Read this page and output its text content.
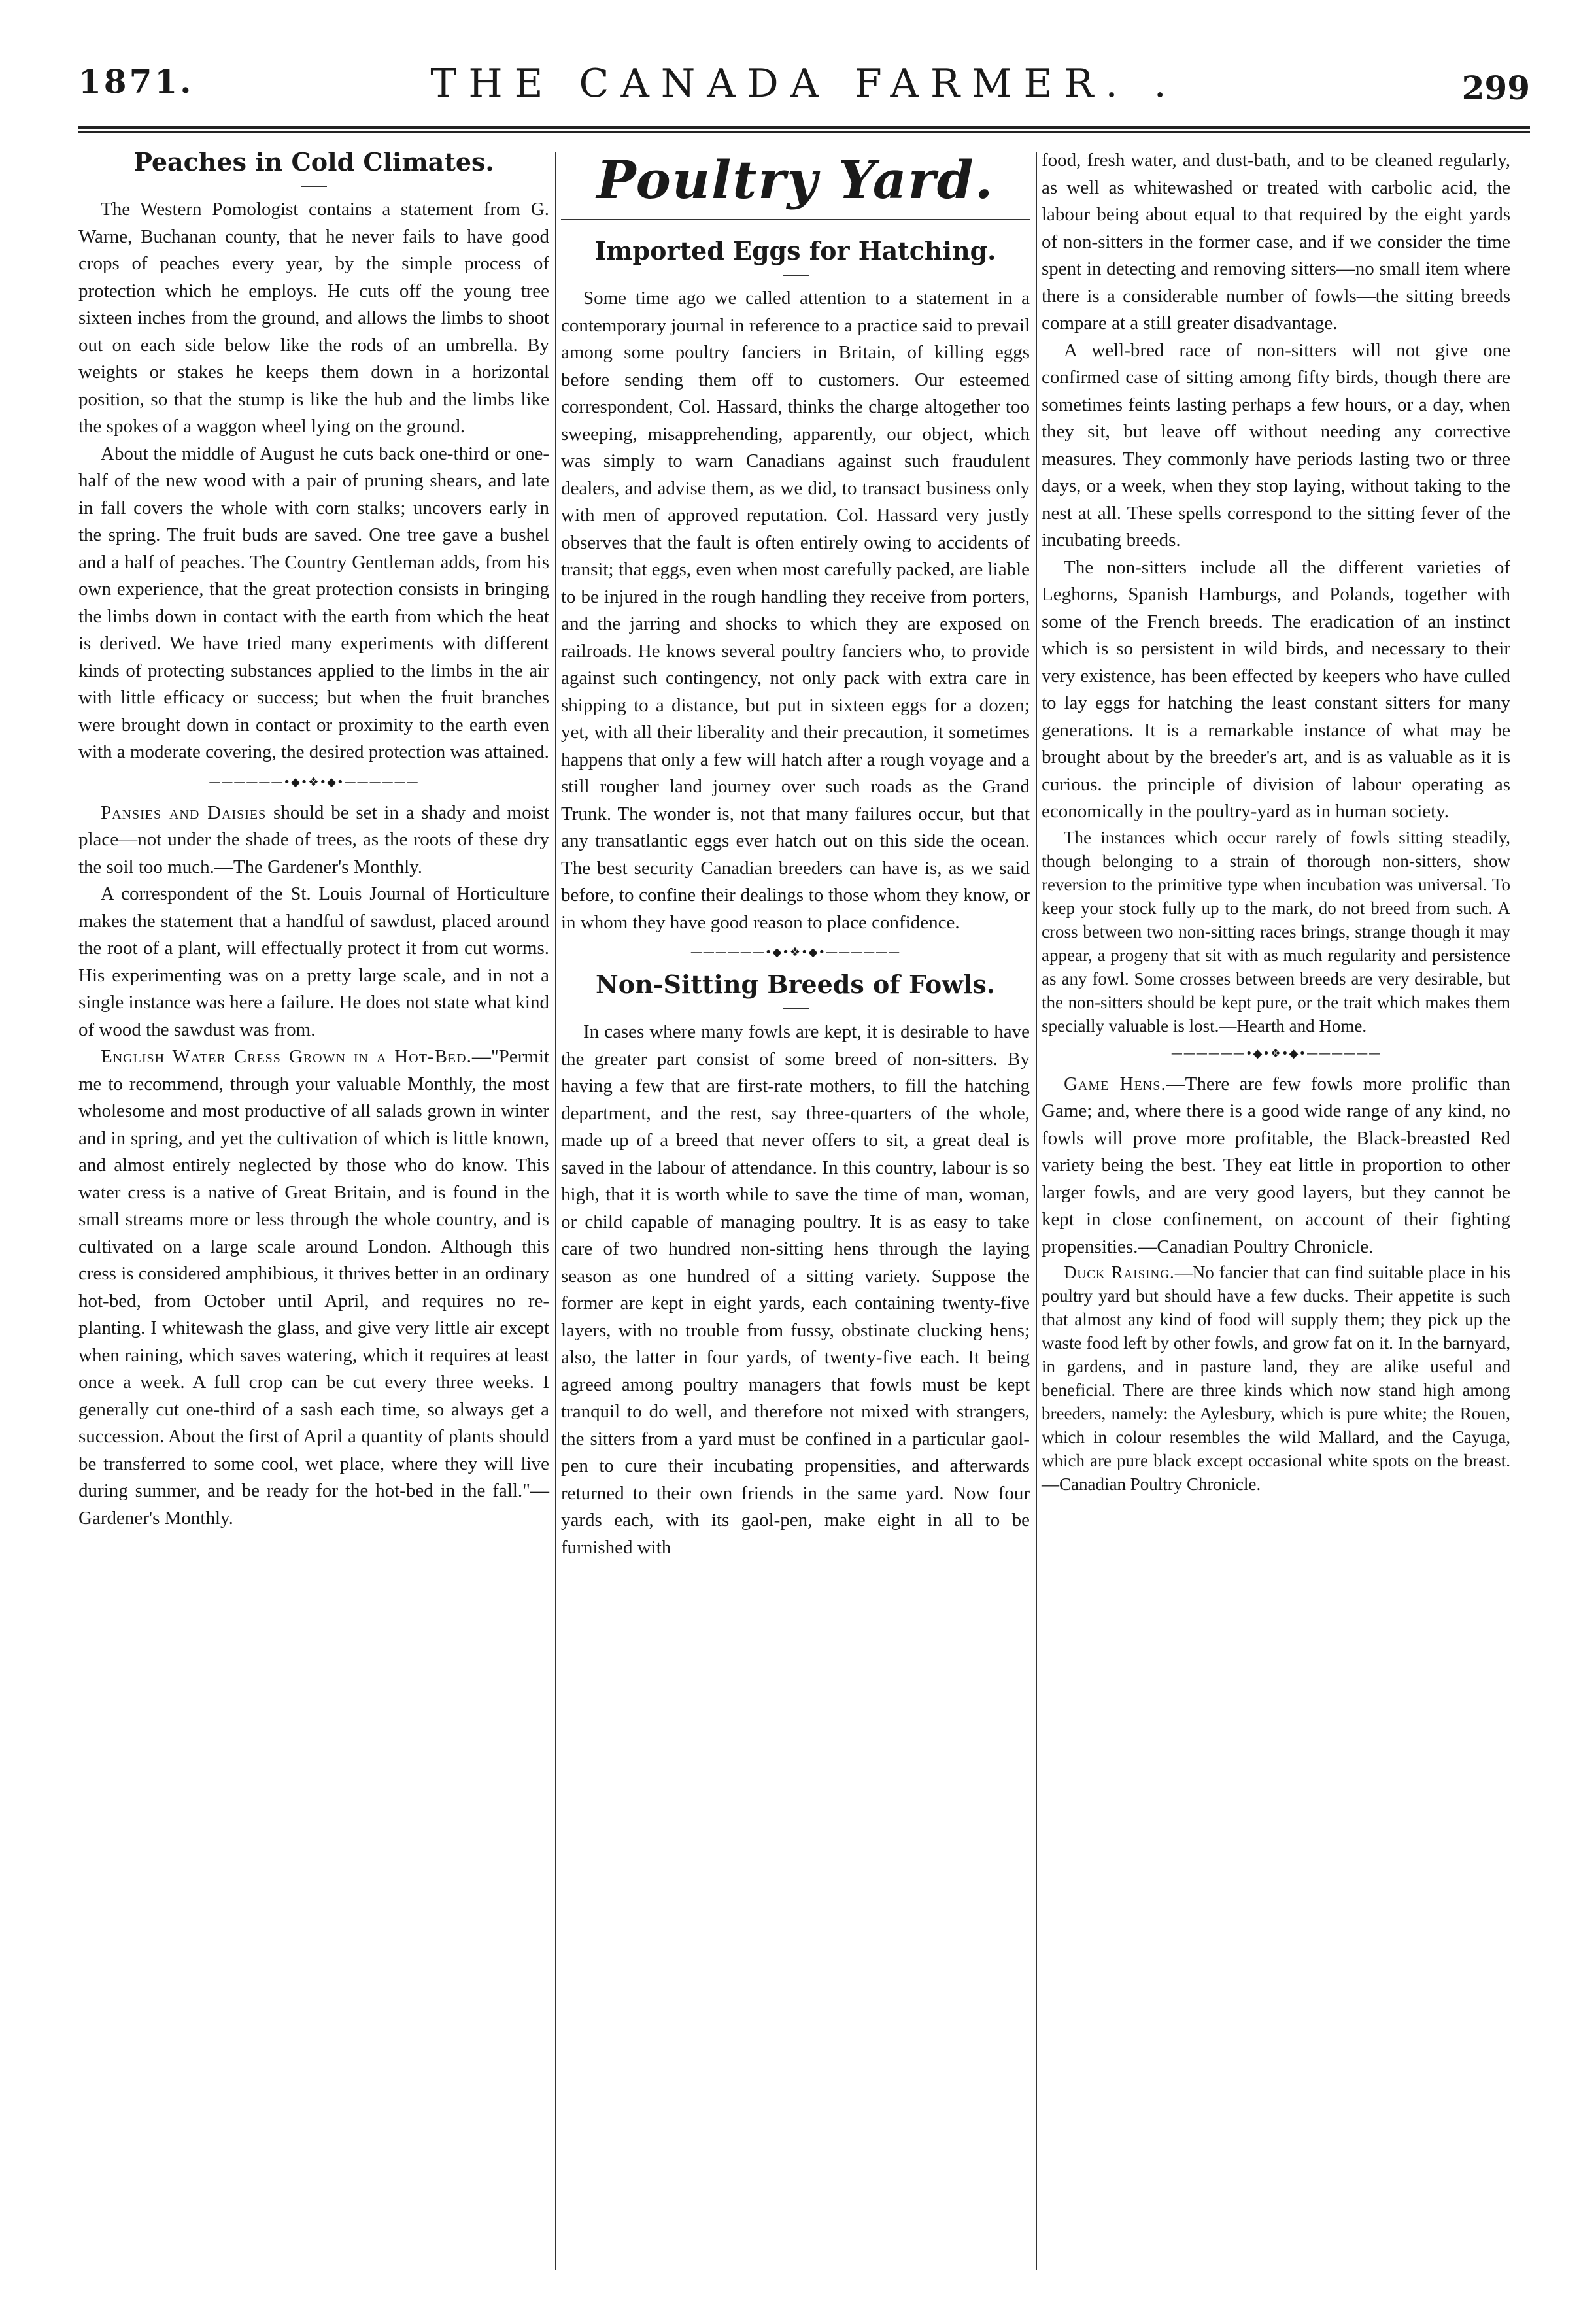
1871.	THE CANADA FARMER. .	299
Peaches in Cold Climates.

The Western Pomologist contains a statement from G. Warne, Buchanan county, that he never fails to have good crops of peaches every year, by the simple process of protection which he employs. He cuts off the young tree sixteen inches from the ground, and allows the limbs to shoot out on each side below like the rods of an umbrella. By weights or stakes he keeps them down in a horizontal position, so that the stump is like the hub and the limbs like the spokes of a waggon wheel lying on the ground.

About the middle of August he cuts back one-third or one-half of the new wood with a pair of pruning shears, and late in fall covers the whole with corn stalks; uncovers early in the spring. The fruit buds are saved. One tree gave a bushel and a half of peaches. The Country Gentleman adds, from his own experience, that the great protection consists in bringing the limbs down in contact with the earth from which the heat is derived. We have tried many experiments with different kinds of protecting substances applied to the limbs in the air with little efficacy or success; but when the fruit branches were brought down in contact or proximity to the earth even with a moderate covering, the desired protection was attained.

——————•◆•❖•◆•——————

Pansies and Daisies should be set in a shady and moist place—not under the shade of trees, as the roots of these dry the soil too much.—The Gardener's Monthly.

A correspondent of the St. Louis Journal of Horticulture makes the statement that a handful of sawdust, placed around the root of a plant, will effectually protect it from cut worms. His experimenting was on a pretty large scale, and in not a single instance was here a failure. He does not state what kind of wood the sawdust was from.

English Water Cress Grown in a Hot-Bed.—"Permit me to recommend, through your valuable Monthly, the most wholesome and most productive of all salads grown in winter and in spring, and yet the cultivation of which is little known, and almost entirely neglected by those who do know. This water cress is a native of Great Britain, and is found in the small streams more or less through the whole country, and is cultivated on a large scale around London. Although this cress is considered amphibious, it thrives better in an ordinary hot-bed, from October until April, and requires no re-planting. I whitewash the glass, and give very little air except when raining, which saves watering, which it requires at least once a week. A full crop can be cut every three weeks. I generally cut one-third of a sash each time, so always get a succession. About the first of April a quantity of plants should be transferred to some cool, wet place, where they will live during summer, and be ready for the hot-bed in the fall."—Gardener's Monthly.

Poultry Yard.
Imported Eggs for Hatching.

Some time ago we called attention to a statement in a contemporary journal in reference to a practice said to prevail among some poultry fanciers in Britain, of killing eggs before sending them off to customers. Our esteemed correspondent, Col. Hassard, thinks the charge altogether too sweeping, misapprehending, apparently, our object, which was simply to warn Canadians against such fraudulent dealers, and advise them, as we did, to transact business only with men of approved reputation. Col. Hassard very justly observes that the fault is often entirely owing to accidents of transit; that eggs, even when most carefully packed, are liable to be injured in the rough handling they receive from porters, and the jarring and shocks to which they are exposed on railroads. He knows several poultry fanciers who, to provide against such contingency, not only pack with extra care in shipping to a distance, but put in sixteen eggs for a dozen; yet, with all their liberality and their precaution, it sometimes happens that only a few will hatch after a rough voyage and a still rougher land journey over such roads as the Grand Trunk. The wonder is, not that many failures occur, but that any transatlantic eggs ever hatch out on this side the ocean. The best security Canadian breeders can have is, as we said before, to confine their dealings to those whom they know, or in whom they have good reason to place confidence.

——————•◆•❖•◆•——————
Non-Sitting Breeds of Fowls.

In cases where many fowls are kept, it is desirable to have the greater part consist of some breed of non-sitters. By having a few that are first-rate mothers, to fill the hatching department, and the rest, say three-quarters of the whole, made up of a breed that never offers to sit, a great deal is saved in the labour of attendance. In this country, labour is so high, that it is worth while to save the time of man, woman, or child capable of managing poultry. It is as easy to take care of two hundred non-sitting hens through the laying season as one hundred of a sitting variety. Suppose the former are kept in eight yards, each containing twenty-five layers, with no trouble from fussy, obstinate clucking hens; also, the latter in four yards, of twenty-five each. It being agreed among poultry managers that fowls must be kept tranquil to do well, and therefore not mixed with strangers, the sitters from a yard must be confined in a particular gaol-pen to cure their incubating propensities, and afterwards returned to their own friends in the same yard. Now four yards each, with its gaol-pen, make eight in all to be furnished with

food, fresh water, and dust-bath, and to be cleaned regularly, as well as whitewashed or treated with carbolic acid, the labour being about equal to that required by the eight yards of non-sitters in the former case, and if we consider the time spent in detecting and removing sitters—no small item where there is a considerable number of fowls—the sitting breeds compare at a still greater disadvantage.

A well-bred race of non-sitters will not give one confirmed case of sitting among fifty birds, though there are sometimes feints lasting perhaps a few hours, or a day, when they sit, but leave off without needing any corrective measures. They commonly have periods lasting two or three days, or a week, when they stop laying, without taking to the nest at all. These spells correspond to the sitting fever of the incubating breeds.

The non-sitters include all the different varieties of Leghorns, Spanish Hamburgs, and Polands, together with some of the French breeds. The eradication of an instinct which is so persistent in wild birds, and necessary to their very existence, has been effected by keepers who have culled to lay eggs for hatching the least constant sitters for many generations. It is a remarkable instance of what may be brought about by the breeder's art, and is as valuable as it is curious. the principle of division of labour operating as economically in the poultry-yard as in human society.

The instances which occur rarely of fowls sitting steadily, though belonging to a strain of thorough non-sitters, show reversion to the primitive type when incubation was universal. To keep your stock fully up to the mark, do not breed from such. A cross between two non-sitting races brings, strange though it may appear, a progeny that sit with as much regularity and persistence as any fowl. Some crosses between breeds are very desirable, but the non-sitters should be kept pure, or the trait which makes them specially valuable is lost.—Hearth and Home.

——————•◆•❖•◆•——————

Game Hens.—There are few fowls more prolific than Game; and, where there is a good wide range of any kind, no fowls will prove more profitable, the Black-breasted Red variety being the best. They eat little in proportion to other larger fowls, and are very good layers, but they cannot be kept in close confinement, on account of their fighting propensities.—Canadian Poultry Chronicle.

Duck Raising.—No fancier that can find suitable place in his poultry yard but should have a few ducks. Their appetite is such that almost any kind of food will supply them; they pick up the waste food left by other fowls, and grow fat on it. In the barnyard, in gardens, and in pasture land, they are alike useful and beneficial. There are three kinds which now stand high among breeders, namely: the Aylesbury, which is pure white; the Rouen, which in colour resembles the wild Mallard, and the Cayuga, which are pure black except occasional white spots on the breast.—Canadian Poultry Chronicle.
